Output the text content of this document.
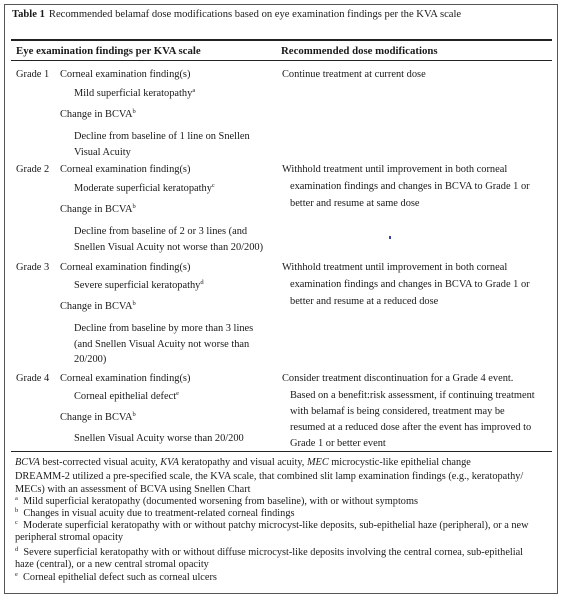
Table 1 Recommended belamaf dose modifications based on eye examination findings per the KVA scale
Eye examination findings per KVA scale	Recommended dose modifications
Grade 1 Corneal examination finding(s)
Mild superficial keratopathy$^a$
Change in BCVA$^b$
Decline from baseline of 1 line on Snellen
Visual Acuity
Continue treatment at current dose
Grade 2 Corneal examination finding(s)
Moderate superficial keratopathy$^c$
Change in BCVA$^b$
Decline from baseline of 2 or 3 lines (and
Snellen Visual Acuity not worse than 20/200)
Withhold treatment until improvement in both corneal
examination findings and changes in BCVA to Grade 1 or
better and resume at same dose
Grade 3 Corneal examination finding(s)
Severe superficial keratopathy$^d$
Change in BCVA$^b$
Decline from baseline by more than 3 lines
(and Snellen Visual Acuity not worse than
20/200)
Withhold treatment until improvement in both corneal
examination findings and changes in BCVA to Grade 1 or
better and resume at a reduced dose
Grade 4 Corneal examination finding(s)
Corneal epithelial defect$^e$
Change in BCVA$^b$
Snellen Visual Acuity worse than 20/200
Consider treatment discontinuation for a Grade 4 event.
Based on a benefit:risk assessment, if continuing treatment
with belamaf is being considered, treatment may be
resumed at a reduced dose after the event has improved to
Grade 1 or better event
BCVA best-corrected visual acuity, KVA keratopathy and visual acuity, MEC microcystic-like epithelial change
DREAMM-2 utilized a pre-specified scale, the KVA scale, that combined slit lamp examination findings (e.g., keratopathy/
MECs) with an assessment of BCVA using Snellen Chart
$^a$ Mild superficial keratopathy (documented worsening from baseline), with or without symptoms
$^b$ Changes in visual acuity due to treatment-related corneal findings
$^c$ Moderate superficial keratopathy with or without patchy microcyst-like deposits, sub-epithelial haze (peripheral), or a new
peripheral stromal opacity
$^d$ Severe superficial keratopathy with or without diffuse microcyst-like deposits involving the central cornea, sub-epithelial
haze (central), or a new central stromal opacity
$^e$ Corneal epithelial defect such as corneal ulcers
